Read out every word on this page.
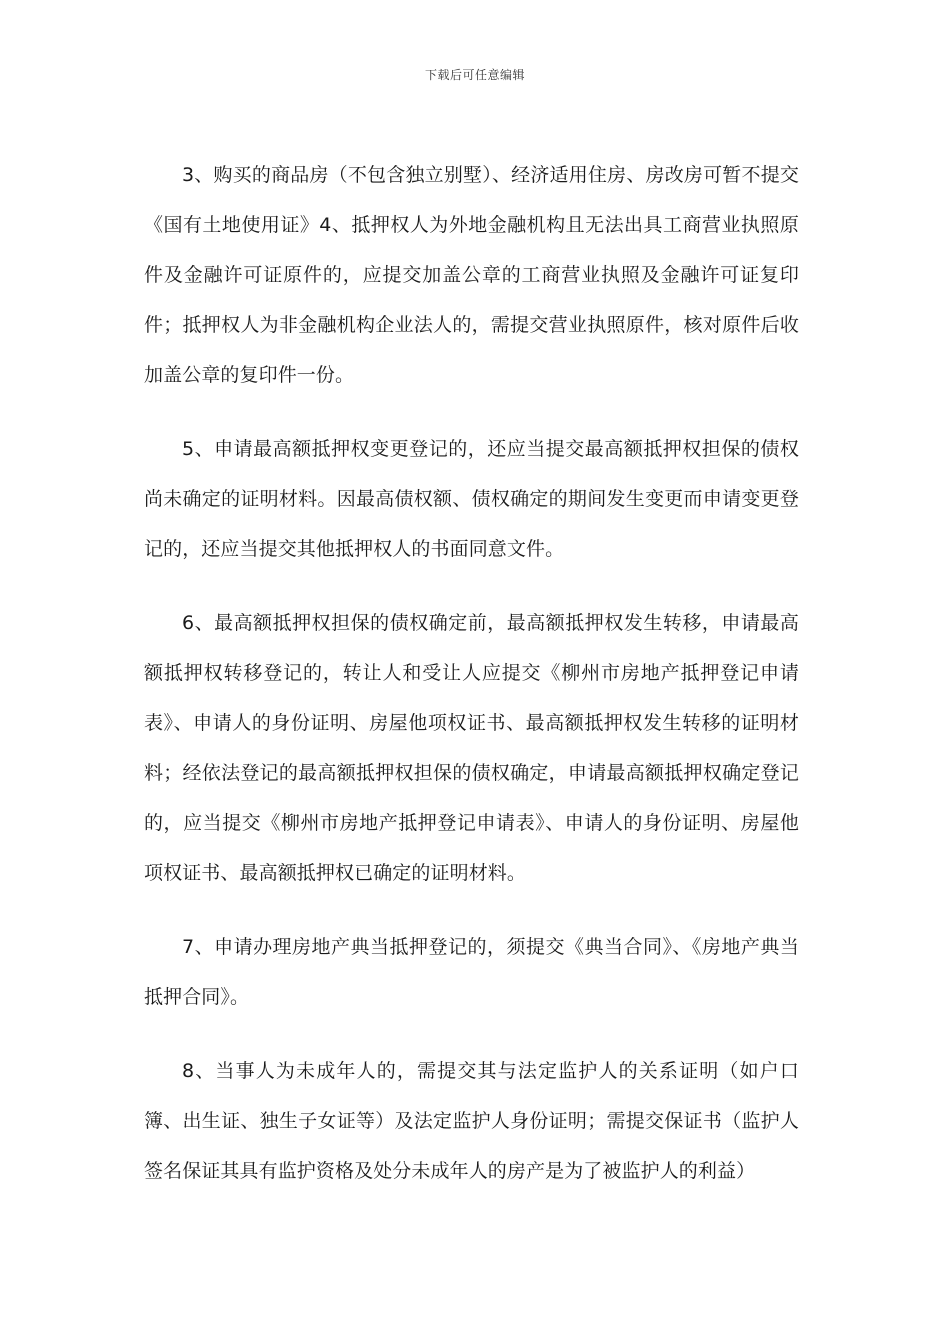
下载后可任意编辑

3、购买的商品房（不包含独立别墅）、经济适用住房、房改房可暂不提交《国有土地使用证》4、抵押权人为外地金融机构且无法出具工商营业执照原件及金融许可证原件的，应提交加盖公章的工商营业执照及金融许可证复印件；抵押权人为非金融机构企业法人的，需提交营业执照原件，核对原件后收加盖公章的复印件一份。

5、申请最高额抵押权变更登记的，还应当提交最高额抵押权担保的债权尚未确定的证明材料。因最高债权额、债权确定的期间发生变更而申请变更登记的，还应当提交其他抵押权人的书面同意文件。

6、最高额抵押权担保的债权确定前，最高额抵押权发生转移，申请最高额抵押权转移登记的，转让人和受让人应提交《柳州市房地产抵押登记申请表》、申请人的身份证明、房屋他项权证书、最高额抵押权发生转移的证明材料；经依法登记的最高额抵押权担保的债权确定，申请最高额抵押权确定登记的，应当提交《柳州市房地产抵押登记申请表》、申请人的身份证明、房屋他项权证书、最高额抵押权已确定的证明材料。

7、申请办理房地产典当抵押登记的，须提交《典当合同》、《房地产典当抵押合同》。

8、当事人为未成年人的，需提交其与法定监护人的关系证明（如户口簿、出生证、独生子女证等）及法定监护人身份证明；需提交保证书（监护人签名保证其具有监护资格及处分未成年人的房产是为了被监护人的利益）
